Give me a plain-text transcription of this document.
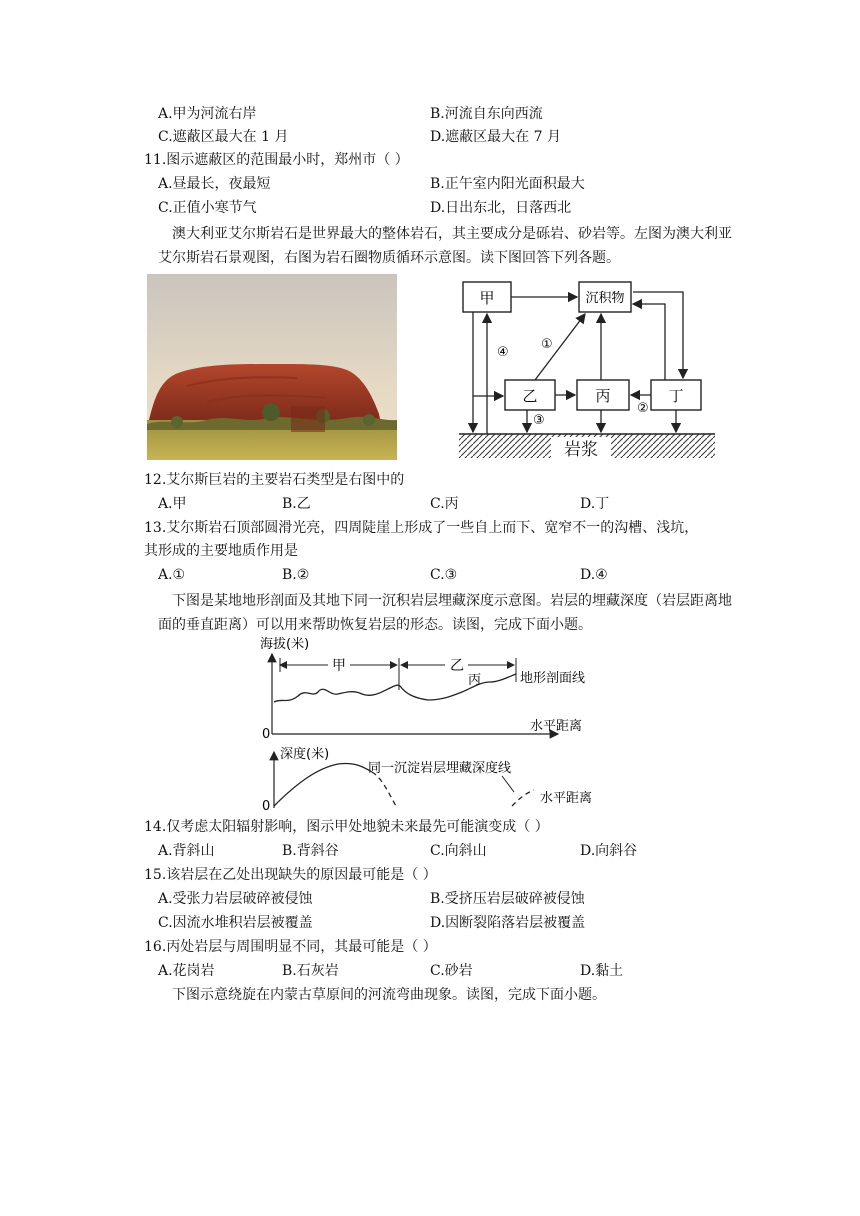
A.甲为河流右岸	B.河流自东向西流
C.遮蔽区最大在 1 月	D.遮蔽区最大在 7 月
11.图示遮蔽区的范围最小时，郑州市（ ）
A.昼最长，夜最短	B.正午室内阳光面积最大
C.正值小寒节气	D.日出东北，日落西北
澳大利亚艾尔斯岩石是世界最大的整体岩石，其主要成分是砾岩、砂岩等。左图为澳大利亚艾尔斯岩石景观图，右图为岩石圈物质循环示意图。读下图回答下列各题。
岩浆
甲	沉积物
乙	丙	丁
④
①
②
③
12.艾尔斯巨岩的主要岩石类型是右图中的
A.甲	B.乙	C.丙	D.丁
13.艾尔斯岩石顶部圆滑光亮，四周陡崖上形成了一些自上而下、宽窄不一的沟槽、浅坑，
其形成的主要地质作用是
A.①	B.②	C.③	D.④
下图是某地地形剖面及其地下同一沉积岩层埋藏深度示意图。岩层的埋藏深度（岩层距离地面的垂直距离）可以用来帮助恢复岩层的形态。读图，完成下面小题。
海拔(米)
0
甲	乙
丙	地形剖面线
水平距离
深度(米)
0
同一沉淀岩层埋藏深度线
水平距离
14.仅考虑太阳辐射影响，图示甲处地貌未来最先可能演变成（ ）
A.背斜山	B.背斜谷	C.向斜山	D.向斜谷
15.该岩层在乙处出现缺失的原因最可能是（ ）
A.受张力岩层破碎被侵蚀	B.受挤压岩层破碎被侵蚀
C.因流水堆积岩层被覆盖	D.因断裂陷落岩层被覆盖
16.丙处岩层与周围明显不同，其最可能是（ ）
A.花岗岩	B.石灰岩	C.砂岩	D.黏土
下图示意绕旋在内蒙古草原间的河流弯曲现象。读图，完成下面小题。
